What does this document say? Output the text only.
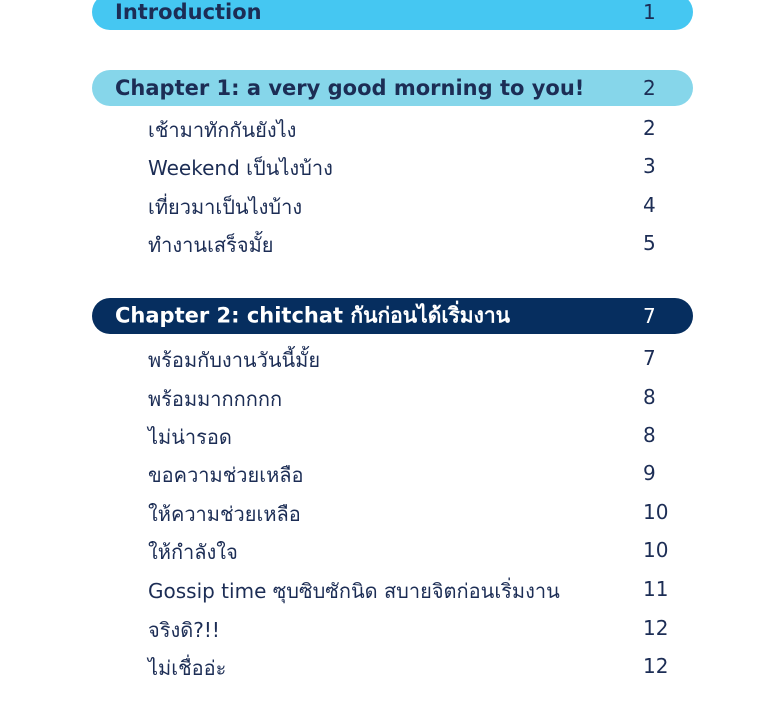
Introduction	1
Chapter 1: a very good morning to you!	2
เช้ามาทักกันยังไง	2
Weekend เป็นไงบ้าง	3
เที่ยวมาเป็นไงบ้าง	4
ทำงานเสร็จมั้ย	5
Chapter 2: chitchat กันก่อนได้เริ่มงาน	7
พร้อมกับงานวันนี้มั้ย	7
พร้อมมากกกกก	8
ไม่น่ารอด	8
ขอความช่วยเหลือ	9
ให้ความช่วยเหลือ	10
ให้กำลังใจ	10
Gossip time ซุบซิบซักนิด สบายจิตก่อนเริ่มงาน	11
จริงดิ?!!	12
ไม่เชื่ออ่ะ	12
